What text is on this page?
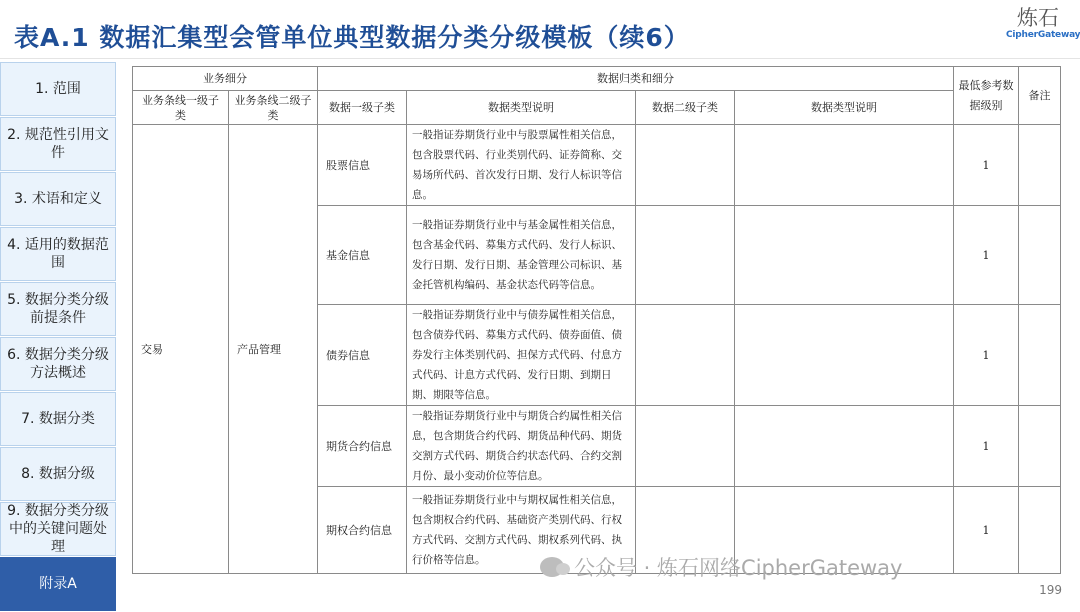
表A.1 数据汇集型会管单位典型数据分类分级模板（续6）
炼石
CipherGateway
1. 范围
2. 规范性引用文件
3. 术语和定义
4. 适用的数据范围
5. 数据分类分级前提条件
6. 数据分类分级方法概述
7. 数据分类
8. 数据分级
9. 数据分类分级中的关键问题处理
附录A
业务细分		数据归类和细分				最低参考数据级别	备注
业务条线一级子类	业务条线二级子类	数据一级子类	数据类型说明	数据二级子类	数据类型说明		
交易	产品管理	股票信息	一般指证券期货行业中与股票属性相关信息，包含股票代码、行业类别代码、证券简称、交易场所代码、首次发行日期、发行人标识等信息。			1	
		基金信息	一般指证券期货行业中与基金属性相关信息，包含基金代码、募集方式代码、发行人标识、发行日期、发行日期、基金管理公司标识、基金托管机构编码、基金状态代码等信息。			1	
		债券信息	一般指证券期货行业中与债券属性相关信息，包含债券代码、募集方式代码、债券面值、债券发行主体类别代码、担保方式代码、付息方式代码、计息方式代码、发行日期、到期日期、期限等信息。			1	
		期货合约信息	一般指证券期货行业中与期货合约属性相关信息，包含期货合约代码、期货品种代码、期货交割方式代码、期货合约状态代码、合约交割月份、最小变动价位等信息。			1	
		期权合约信息	一般指证券期货行业中与期权属性相关信息，包含期权合约代码、基础资产类别代码、行权方式代码、交割方式代码、期权系列代码、执行价格等信息。			1	
公众号 · 炼石网络CipherGateway
199
